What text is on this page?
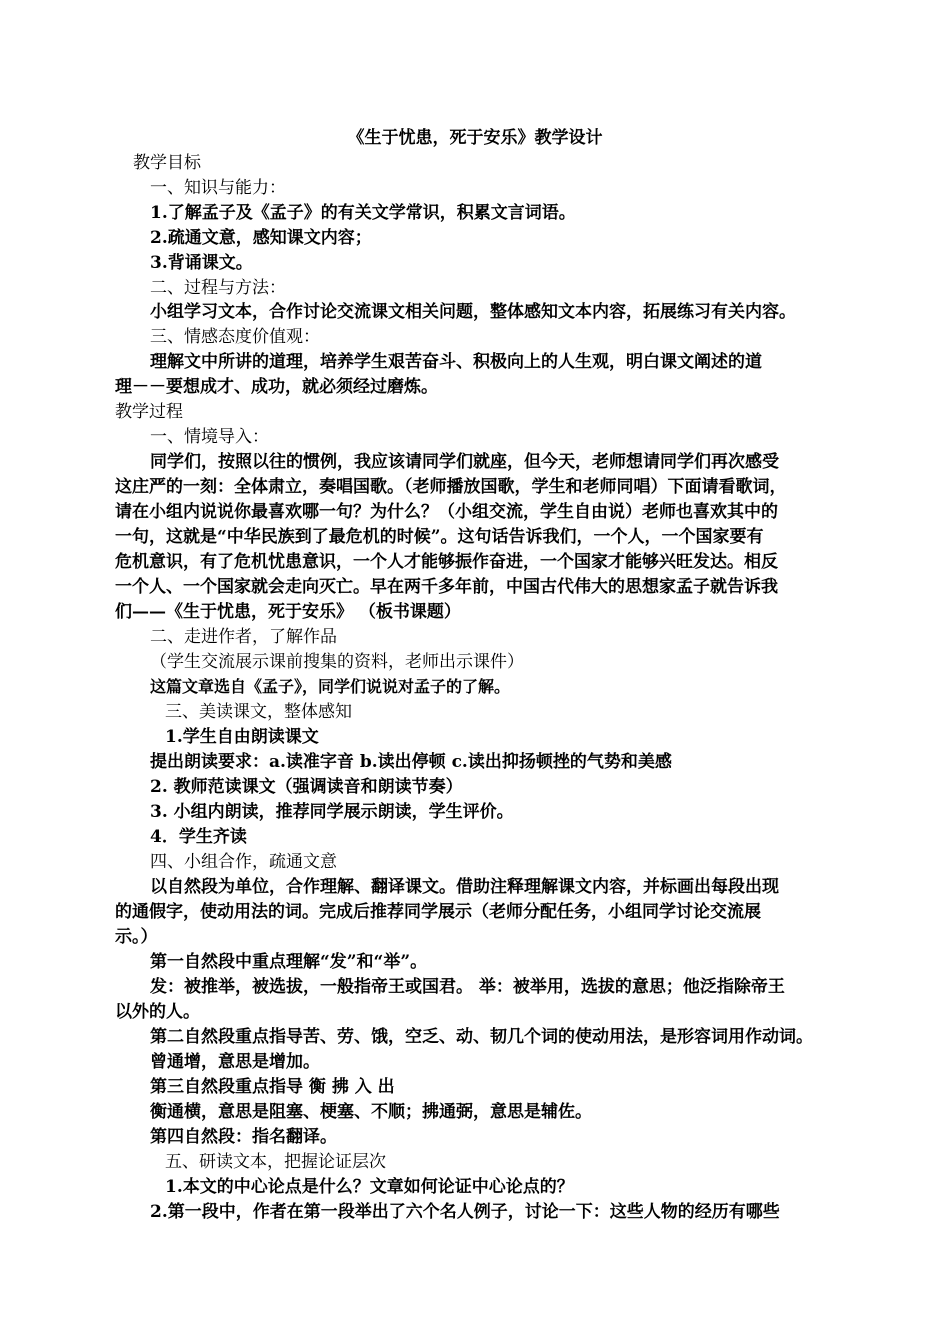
《生于忧患，死于安乐》教学设计
教学目标
一、知识与能力：
1.了解孟子及《孟子》的有关文学常识，积累文言词语。
2.疏通文意，感知课文内容；
3.背诵课文。
二、过程与方法：
小组学习文本，合作讨论交流课文相关问题，整体感知文本内容，拓展练习有关内容。
三、情感态度价值观：
理解文中所讲的道理，培养学生艰苦奋斗、积极向上的人生观，明白课文阐述的道
理－－要想成才、成功，就必须经过磨炼。
教学过程
一、情境导入：
同学们，按照以往的惯例，我应该请同学们就座，但今天，老师想请同学们再次感受
这庄严的一刻：全体肃立，奏唱国歌。（老师播放国歌，学生和老师同唱）下面请看歌词，
请在小组内说说你最喜欢哪一句？为什么？（小组交流，学生自由说）老师也喜欢其中的
一句，这就是“中华民族到了最危机的时候”。这句话告诉我们，一个人，一个国家要有
危机意识，有了危机忧患意识，一个人才能够振作奋进，一个国家才能够兴旺发达。相反
一个人、一个国家就会走向灭亡。早在两千多年前，中国古代伟大的思想家孟子就告诉我
们——《生于忧患，死于安乐》 （板书课题）
二、走进作者，了解作品
（学生交流展示课前搜集的资料，老师出示课件）
这篇文章选自《孟子》，同学们说说对孟子的了解。
三、美读课文，整体感知
1.学生自由朗读课文
提出朗读要求：a.读准字音 b.读出停顿 c.读出抑扬顿挫的气势和美感
2. 教师范读课文（强调读音和朗读节奏）
3. 小组内朗读，推荐同学展示朗读，学生评价。
4．学生齐读
四、小组合作，疏通文意
以自然段为单位，合作理解、翻译课文。借助注释理解课文内容，并标画出每段出现
的通假字，使动用法的词。完成后推荐同学展示（老师分配任务，小组同学讨论交流展
示。）
第一自然段中重点理解“发”和“举”。
发：被推举，被选拔，一般指帝王或国君。 举：被举用，选拔的意思；他泛指除帝王
以外的人。
第二自然段重点指导苦、劳、饿，空乏、动、韧几个词的使动用法，是形容词用作动词。
曾通增，意思是增加。
第三自然段重点指导 衡 拂 入 出
衡通横，意思是阻塞、梗塞、不顺；拂通弼，意思是辅佐。
第四自然段：指名翻译。
五、研读文本，把握论证层次
1.本文的中心论点是什么？文章如何论证中心论点的？
2.第一段中，作者在第一段举出了六个名人例子，讨论一下：这些人物的经历有哪些
